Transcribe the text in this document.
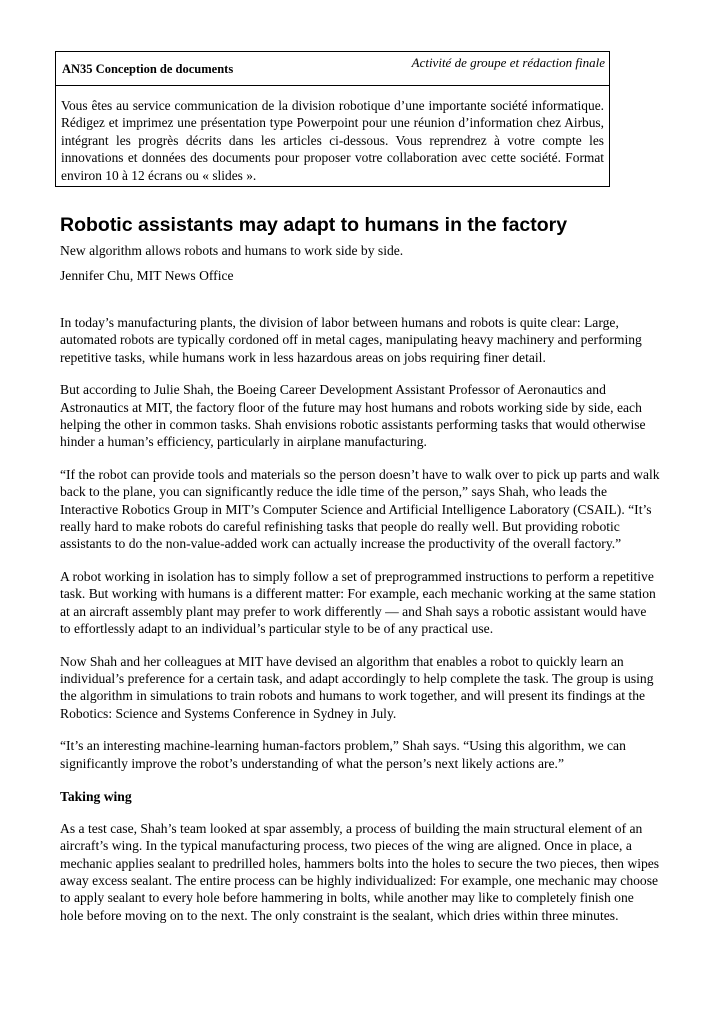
Activité de groupe et rédaction finale
AN35 Conception de documents
Vous êtes au service communication de la division robotique d’une importante société informatique. Rédigez et imprimez une présentation type Powerpoint pour une réunion d’information chez Airbus, intégrant les progrès décrits dans les articles ci-dessous. Vous reprendrez à votre compte les innovations et données des documents pour proposer votre collaboration avec cette société. Format environ 10 à 12 écrans ou « slides ».
Robotic assistants may adapt to humans in the factory

New algorithm allows robots and humans to work side by side.

Jennifer Chu, MIT News Office

In today’s manufacturing plants, the division of labor between humans and robots is quite clear: Large, automated robots are typically cordoned off in metal cages, manipulating heavy machinery and performing repetitive tasks, while humans work in less hazardous areas on jobs requiring finer detail.

But according to Julie Shah, the Boeing Career Development Assistant Professor of Aeronautics and Astronautics at MIT, the factory floor of the future may host humans and robots working side by side, each helping the other in common tasks. Shah envisions robotic assistants performing tasks that would otherwise hinder a human’s efficiency, particularly in airplane manufacturing.

“If the robot can provide tools and materials so the person doesn’t have to walk over to pick up parts and walk back to the plane, you can significantly reduce the idle time of the person,” says Shah, who leads the Interactive Robotics Group in MIT’s Computer Science and Artificial Intelligence Laboratory (CSAIL). “It’s really hard to make robots do careful refinishing tasks that people do really well. But providing robotic assistants to do the non-value-added work can actually increase the productivity of the overall factory.”

A robot working in isolation has to simply follow a set of preprogrammed instructions to perform a repetitive task. But working with humans is a different matter: For example, each mechanic working at the same station at an aircraft assembly plant may prefer to work differently — and Shah says a robotic assistant would have to effortlessly adapt to an individual’s particular style to be of any practical use.

Now Shah and her colleagues at MIT have devised an algorithm that enables a robot to quickly learn an individual’s preference for a certain task, and adapt accordingly to help complete the task. The group is using the algorithm in simulations to train robots and humans to work together, and will present its findings at the Robotics: Science and Systems Conference in Sydney in July.

“It’s an interesting machine-learning human-factors problem,” Shah says. “Using this algorithm, we can significantly improve the robot’s understanding of what the person’s next likely actions are.”

Taking wing

As a test case, Shah’s team looked at spar assembly, a process of building the main structural element of an aircraft’s wing. In the typical manufacturing process, two pieces of the wing are aligned. Once in place, a mechanic applies sealant to predrilled holes, hammers bolts into the holes to secure the two pieces, then wipes away excess sealant. The entire process can be highly individualized: For example, one mechanic may choose to apply sealant to every hole before hammering in bolts, while another may like to completely finish one hole before moving on to the next. The only constraint is the sealant, which dries within three minutes.
